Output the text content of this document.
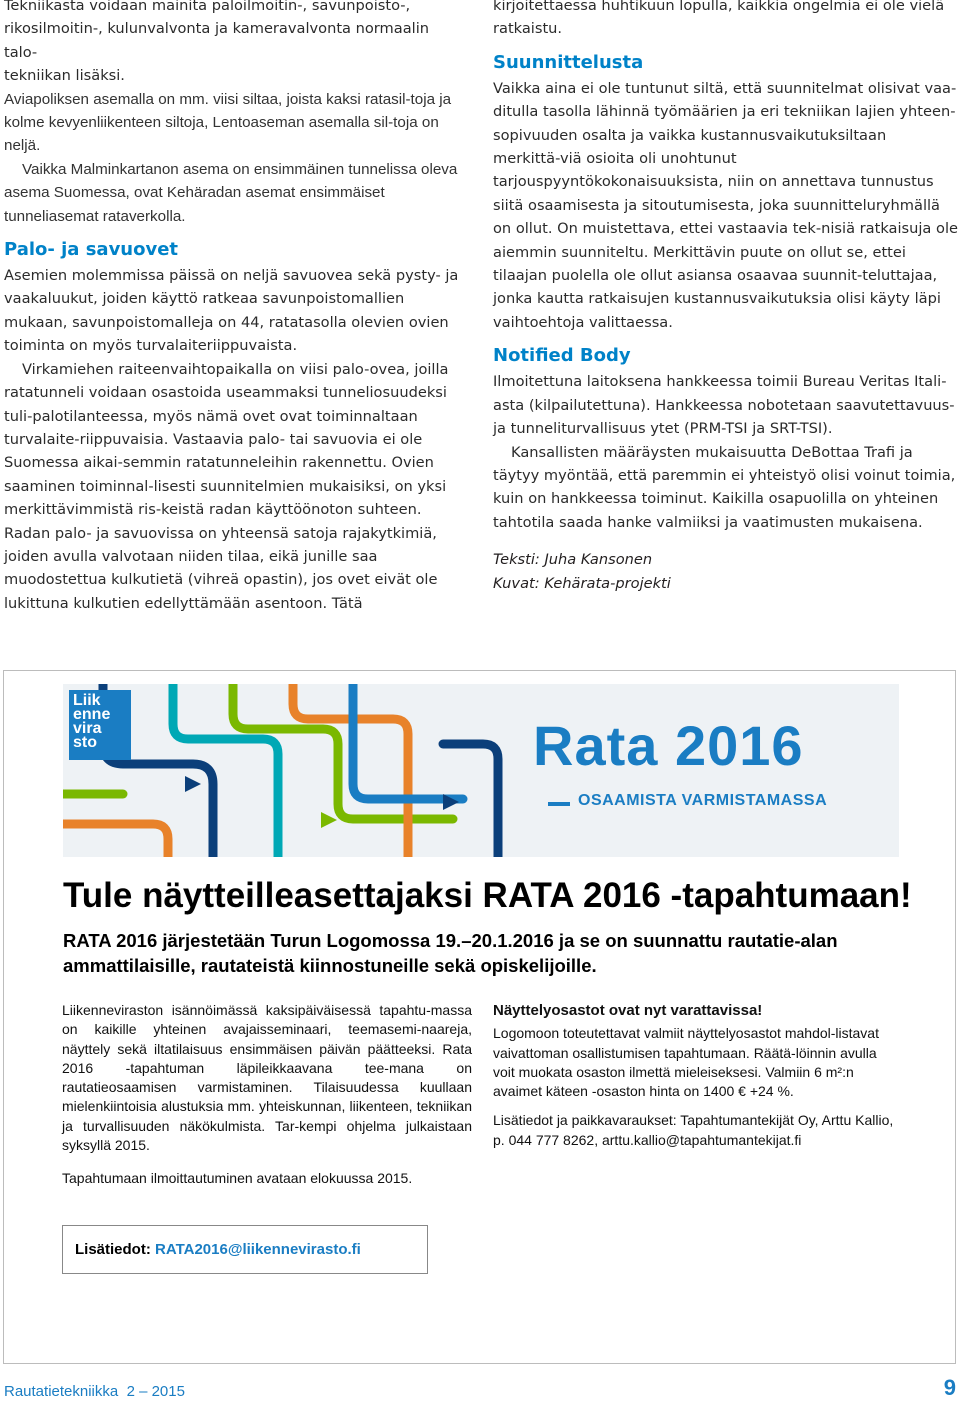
Tekniikasta voidaan mainita paloilmoitin-, savunpoisto-,

rikosilmoitin-, kulunvalvonta ja kameravalvonta normaalin talo-

tekniikan lisäksi.

Aviapoliksen asemalla on mm. viisi siltaa, joista kaksi ratasil-toja ja kolme kevyenliikenteen siltoja, Lentoaseman asemalla sil-toja on neljä.

Vaikka Malminkartanon asema on ensimmäinen tunnelissa oleva asema Suomessa, ovat Kehäradan asemat ensimmäiset tunneliasemat rataverkolla.

Palo- ja savuovet

Asemien molemmissa päissä on neljä savuovea sekä pysty- ja vaakaluukut, joiden käyttö ratkeaa savunpoistomallien mukaan, savunpoistomalleja on 44, ratatasolla olevien ovien toiminta on myös turvalaiteriippuvaista.

Virkamiehen raiteenvaihtopaikalla on viisi palo-ovea, joilla ratatunneli voidaan osastoida useammaksi tunneliosuudeksi tuli-palotilanteessa, myös nämä ovet ovat toiminnaltaan turvalaite-riippuvaisia. Vastaavia palo- tai savuovia ei ole Suomessa aikai-semmin ratatunneleihin rakennettu. Ovien saaminen toiminnal-lisesti suunnitelmien mukaisiksi, on yksi merkittävimmistä ris-keistä radan käyttöönoton suhteen. Radan palo- ja savuovissa on yhteensä satoja rajakytkimiä, joiden avulla valvotaan niiden tilaa, eikä junille saa muodostettua kulkutietä (vihreä opastin), jos ovet eivät ole lukittuna kulkutien edellyttämään asentoon. Tätä

kirjoitettaessa huhtikuun lopulla, kaikkia ongelmia ei ole vielä ratkaistu.

Suunnittelusta

Vaikka aina ei ole tuntunut siltä, että suunnitelmat olisivat vaa-ditulla tasolla lähinnä työmäärien ja eri tekniikan lajien yhteen-sopivuuden osalta ja vaikka kustannusvaikutuksiltaan merkittä-viä osioita oli unohtunut tarjouspyyntökokonaisuuksista, niin on annettava tunnustus siitä osaamisesta ja sitoutumisesta, joka suunnitteluryhmällä on ollut. On muistettava, ettei vastaavia tek-nisiä ratkaisuja ole aiemmin suunniteltu. Merkittävin puute on ollut se, ettei tilaajan puolella ole ollut asiansa osaavaa suunnit-teluttajaa, jonka kautta ratkaisujen kustannusvaikutuksia olisi käyty läpi vaihtoehtoja valittaessa.

Notified Body

Ilmoitettuna laitoksena hankkeessa toimii Bureau Veritas Itali-asta (kilpailutettuna). Hankkeessa nobotetaan saavutettavuus-ja tunneliturvallisuus ytet (PRM-TSI ja SRT-TSI).

Kansallisten määräysten mukaisuutta DeBottaa Trafi ja täytyy myöntää, että paremmin ei yhteistyö olisi voinut toimia, kuin on hankkeessa toiminut. Kaikilla osapuolilla on yhteinen tahtotila saada hanke valmiiksi ja vaatimusten mukaisena.

Teksti: Juha Kansonen

Kuvat: Kehärata-projekti

Liik
enne
vira
sto	Rata 2016
OSAAMISTA VARMISTAMASSA
Tule näytteilleasettajaksi RATA 2016 -tapahtumaan!

RATA 2016 järjestetään Turun Logomossa 19.–20.1.2016 ja se on suunnattu rautatie-alan ammattilaisille, rautateistä kiinnostuneille sekä opiskelijoille.

Liikenneviraston isännöimässä kaksipäiväisessä tapahtu-massa on kaikille yhteinen avajaisseminaari, teemasemi-naareja, näyttely sekä iltatilaisuus ensimmäisen päivän päätteeksi. Rata 2016 -tapahtuman läpileikkaavana tee-mana on rautatieosaamisen varmistaminen. Tilaisuudessa kuullaan mielenkiintoisia alustuksia mm. yhteiskunnan, liikenteen, tekniikan ja turvallisuuden näkökulmista. Tar-kempi ohjelma julkaistaan syksyllä 2015.

Tapahtumaan ilmoittautuminen avataan elokuussa 2015.

Näyttelyosastot ovat nyt varattavissa!

Logomoon toteutettavat valmiit näyttelyosastot mahdol-listavat vaivattoman osallistumisen tapahtumaan. Räätä-löinnin avulla voit muokata osaston ilmettä mieleiseksesi. Valmiin 6 m²:n avaimet käteen -osaston hinta on 1400 € +24 %.

Lisätiedot ja paikkavaraukset: Tapahtumantekijät Oy, Arttu Kallio, p. 044 777 8262, arttu.kallio@tapahtumantekijat.fi

Lisätiedot: RATA2016@liikennevirasto.fi
Rautatietekniikka  2 – 2015	9
